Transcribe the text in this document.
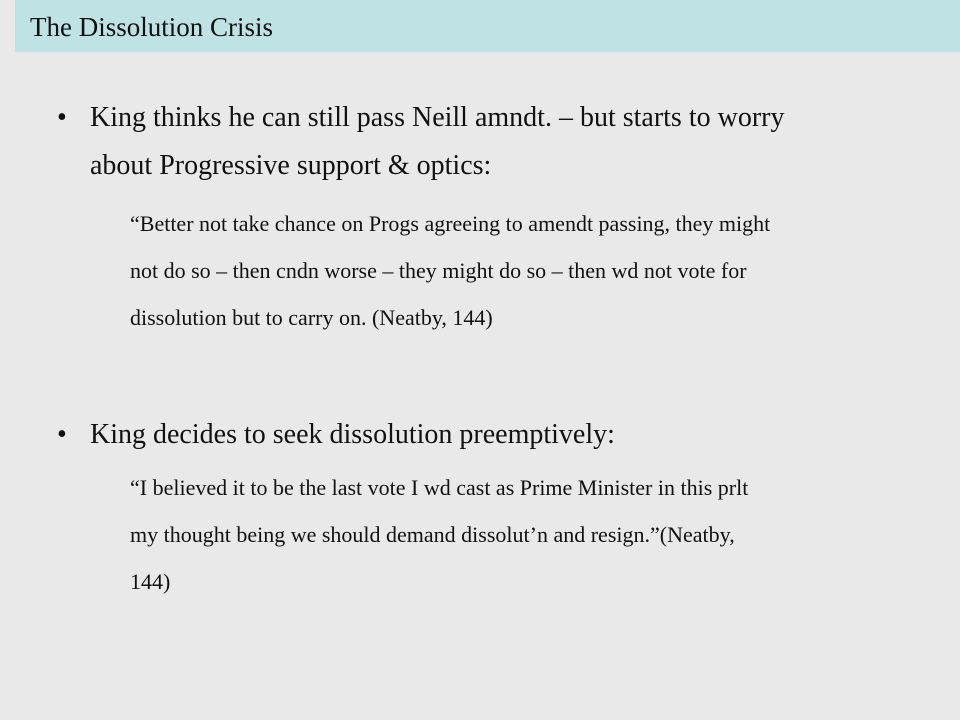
The Dissolution Crisis
• King thinks he can still pass Neill amndt. – but starts to worry
about Progressive support & optics:
“Better not take chance on Progs agreeing to amendt passing, they might
not do so – then cndn worse – they might do so – then wd not vote for
dissolution but to carry on. (Neatby, 144)
• King decides to seek dissolution preemptively:
“I believed it to be the last vote I wd cast as Prime Minister in this prlt
my thought being we should demand dissolut’n and resign.”(Neatby,
144)
